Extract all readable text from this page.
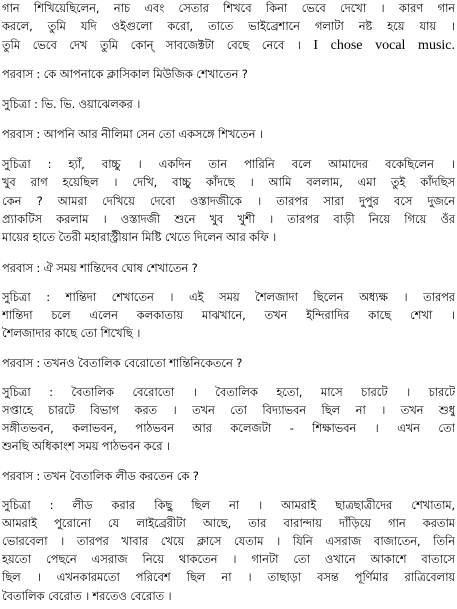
গান শিখিয়েছিলেন, নাচ এবং সেতার শিখবে কিনা ভেবে দেখো । কারণ গান
করলে, তুমি যদি ওইগুলো করো, তাতে ভাইব্রেশানে গলাটা নষ্ট হয়ে যায় ।
তুমি ভেবে দেখ তুমি কোন্ সাবজেক্টটা বেছে নেবে । I chose vocal music.
পরবাস : কে আপনাকে ক্লাসিকাল মিউজিক শেখাতেন ?
সুচিত্রা : ভি. ভি. ওয়াঝেলকর ।
পরবাস : আপনি আর নীলিমা সেন তো একসঙ্গে শিখতেন ।
সুচিত্রা : হ্যাঁ, বাচ্চু । একদিন তান পারিনি বলে আমাদের বকেছিলেন ।
খুব রাগ হয়েছিল । দেখি, বাচ্চু কাঁদছে । আমি বললাম, এমা তুই কাঁদছিস
কেন ? আমরা দেখিয়ে দেবো ওস্তাদজীকে । তারপর সারা দুপুর বসে দুজনে
প্র্যাকটিস করলাম । ওস্তাদজী শুনে খুব খুশী । তারপর বাড়ী নিয়ে গিয়ে ওঁর
মায়ের হাতে তৈরী মহারাস্ট্রীয়ান মিষ্টি খেতে দিলেন আর কফি ।
পরবাস : ঐ সময় শান্তিদেব ঘোষ শেখাতেন ?
সুচিত্রা : শান্তিদা শেখাতেন । এই সময় শৈলজাদা ছিলেন অধ্যক্ষ । তারপর
শান্তিদা চলে এলেন কলকাতায় মাঝখানে, তখন ইন্দিরাদির কাছে শেখা ।
শৈলজাদার কাছে তো শিখেছি ।
পরবাস : তখনও বৈতালিক বেরোতো শান্তিনিকেতনে ?
সুচিত্রা : বৈতালিক বেরোতো । বৈতালিক হতো, মাসে চারটে । চারটে
সপ্তাহে চারটে বিভাগ করত । তখন তো বিদ্যাভবন ছিল না । তখন শুধু
সঙ্গীতভবন, কলাভবন, পাঠভবন আর কলেজটা - শিক্ষাভবন । এখন তো
শুনছি অধিকাংশ সময় পাঠভবন করে ।
পরবাস : তখন বৈতালিক লীড করতেন কে ?
সুচিত্রা : লীড করার কিছু ছিল না । আমরাই ছাত্রছাত্রীদের শেখাতাম,
আমরাই পুরোনো যে লাইব্রেরীটা আছে, তার বারান্দায় দাঁড়িয়ে গান করতাম
ভোরবেলা । তারপর খাবার খেয়ে ক্লাসে যেতাম । যিনি এসরাজ বাজাতেন, তিনি
হয়তো পেছনে এসরাজ নিয়ে থাকতেন । গানটা তো ওখানে আকাশে বাতাসে
ছিল । এখনকারমতো পরিবেশ ছিল না । তাছাড়া বসন্ত পূর্ণিমার রাত্রিবেলায়
বৈতালিক বেরোত । শরতেও বেরোত ।
